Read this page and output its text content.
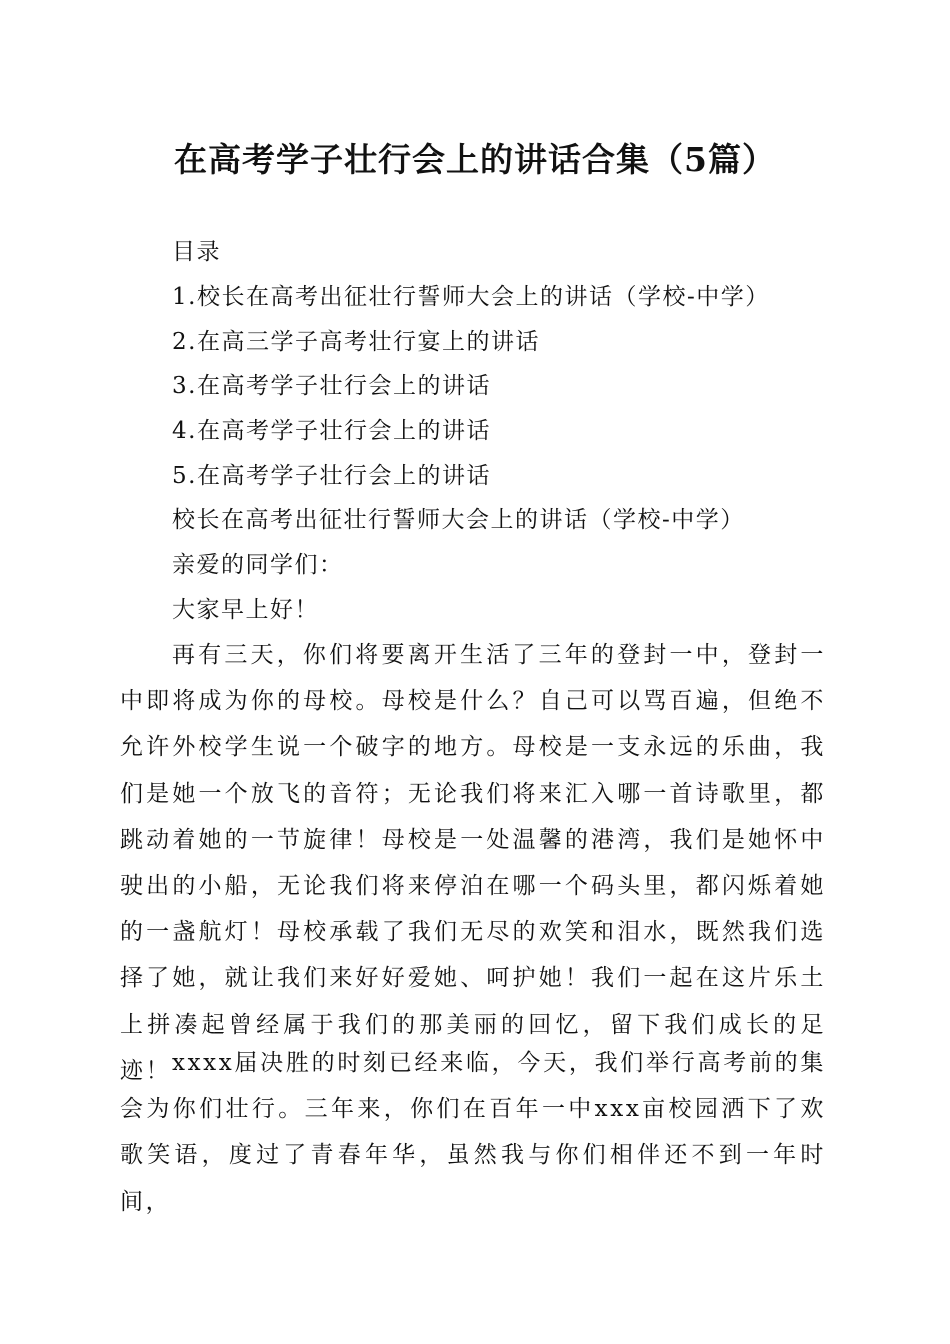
在高考学子壮行会上的讲话合集（5篇）
目录
1.校长在高考出征壮行誓师大会上的讲话（学校-中学）
2.在高三学子高考壮行宴上的讲话
3.在高考学子壮行会上的讲话
4.在高考学子壮行会上的讲话
5.在高考学子壮行会上的讲话
校长在高考出征壮行誓师大会上的讲话（学校-中学）
亲爱的同学们：
大家早上好！

再有三天，你们将要离开生活了三年的登封一中，登封一中即将成为你的母校。母校是什么？自己可以骂百遍，但绝不允许外校学生说一个破字的地方。母校是一支永远的乐曲，我们是她一个放飞的音符；无论我们将来汇入哪一首诗歌里，都跳动着她的一节旋律！母校是一处温馨的港湾，我们是她怀中驶出的小船，无论我们将来停泊在哪一个码头里，都闪烁着她的一盏航灯！母校承载了我们无尽的欢笑和泪水，既然我们选择了她，就让我们来好好爱她、呵护她！我们一起在这片乐土上拼凑起曾经属于我们的那美丽的回忆，留下我们成长的足迹！ xxxx届决胜的时刻已经来临，今天，我们举行高考前的集会为你们壮行。三年来，你们在百年一中xxx亩校园洒下了欢歌笑语，度过了青春年华，虽然我与你们相伴还不到一年时间，
